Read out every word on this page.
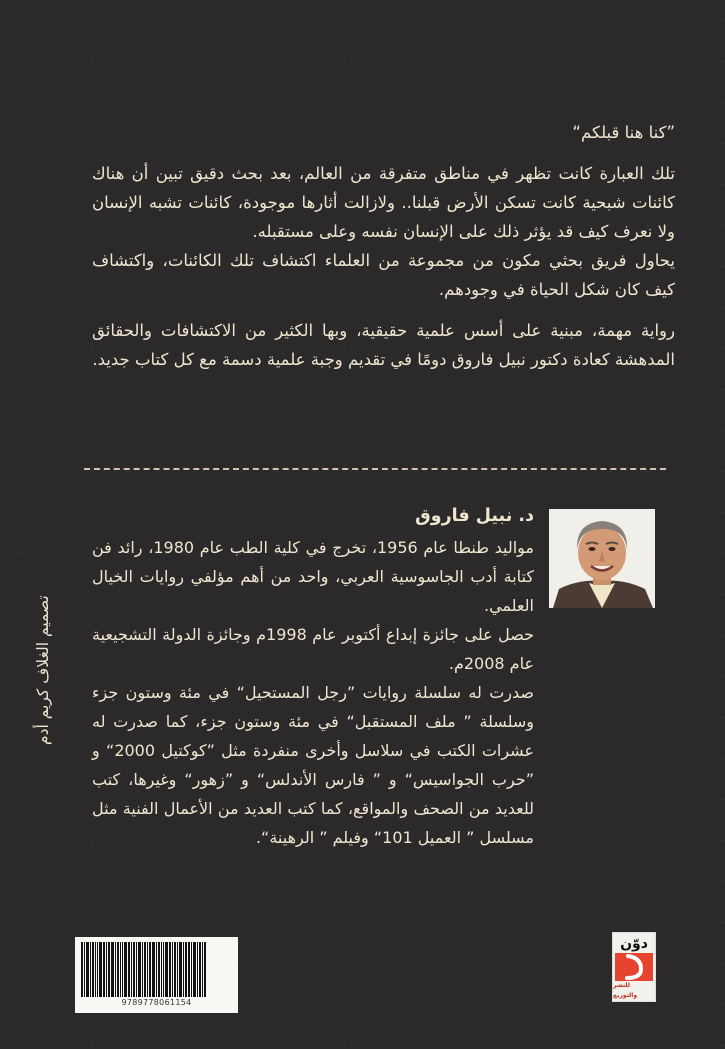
”كنا هنا قبلكم“

تلك العبارة كانت تظهر في مناطق متفرقة من العالم، بعد بحث دقيق تبين أن هناك كائنات شبحية كانت تسكن الأرض قبلنا.. ولازالت أثارها موجودة، كائنات تشبه الإنسان ولا نعرف كيف قد يؤثر ذلك على الإنسان نفسه وعلى مستقبله.

يحاول فريق بحثي مكون من مجموعة من العلماء اكتشاف تلك الكائنات، واكتشاف كيف كان شكل الحياة في وجودهم.

رواية مهمة، مبنية على أسس علمية حقيقية، وبها الكثير من الاكتشافات والحقائق المدهشة كعادة دكتور نبيل فاروق دومًا في تقديم وجبة علمية دسمة مع كل كتاب جديد.

د. نبيل فاروق

مواليد طنطا عام 1956، تخرج في كلية الطب عام 1980، رائد فن كتابة أدب الجاسوسية العربي، واحد من أهم مؤلفي روايات الخيال العلمي.

حصل على جائزة إبداع أكتوبر عام 1998م وجائزة الدولة التشجيعية عام 2008م.

صدرت له سلسلة روايات ”رجل المستحيل“ في مئة وستون جزء وسلسلة ” ملف المستقبل“ في مئة وستون جزء، كما صدرت له عشرات الكتب في سلاسل وأخرى منفردة مثل ”كوكتيل 2000“ و ”حرب الجواسيس“ و ” فارس الأندلس“ و ”زهور“ وغيرها، كتب للعديد من الصحف والمواقع، كما كتب العديد من الأعمال الفنية مثل مسلسل ” العميل 101“ وفيلم ” الرهينة“.

تصميم الغلاف كريم أدم
9789778061154
دوّن
للنشر والتوزيع
